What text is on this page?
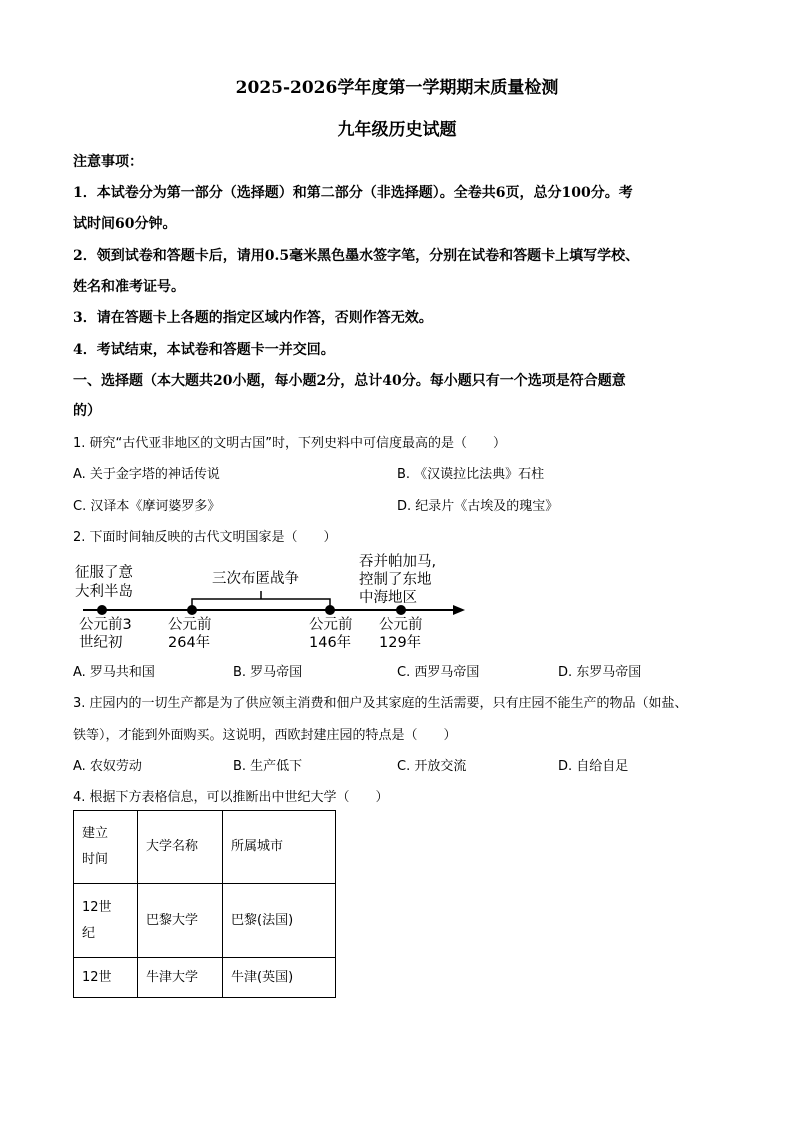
2025-2026学年度第一学期期末质量检测
九年级历史试题
注意事项：
1．本试卷分为第一部分（选择题）和第二部分（非选择题）。全卷共6页，总分100分。考
试时间60分钟。
2．领到试卷和答题卡后，请用0.5毫米黑色墨水签字笔，分别在试卷和答题卡上填写学校、
姓名和准考证号。
3．请在答题卡上各题的指定区域内作答，否则作答无效。
4．考试结束，本试卷和答题卡一并交回。
一、选择题（本大题共20小题，每小题2分，总计40分。每小题只有一个选项是符合题意
的）
1. 研究“古代亚非地区的文明古国”时，下列史料中可信度最高的是（　　）
A. 关于金字塔的神话传说	B. 《汉谟拉比法典》石柱
C. 汉译本《摩诃婆罗多》	D. 纪录片《古埃及的瑰宝》
2. 下面时间轴反映的古代文明国家是（　　）
征服了意
大利半岛
三次布匿战争
吞并帕加马,
控制了东地
中海地区
公元前3
世纪初
公元前
264年
公元前
146年
公元前
129年
A. 罗马共和国	B. 罗马帝国	C. 西罗马帝国	D. 东罗马帝国
3. 庄园内的一切生产都是为了供应领主消费和佃户及其家庭的生活需要，只有庄园不能生产的物品（如盐、
铁等），才能到外面购买。这说明，西欧封建庄园的特点是（　　）
A. 农奴劳动	B. 生产低下	C. 开放交流	D. 自给自足
4. 根据下方表格信息，可以推断出中世纪大学（　　）
建立
时间	大学名称	所属城市

12世
纪	巴黎大学	巴黎(法国)
12世	牛津大学	牛津(英国)
